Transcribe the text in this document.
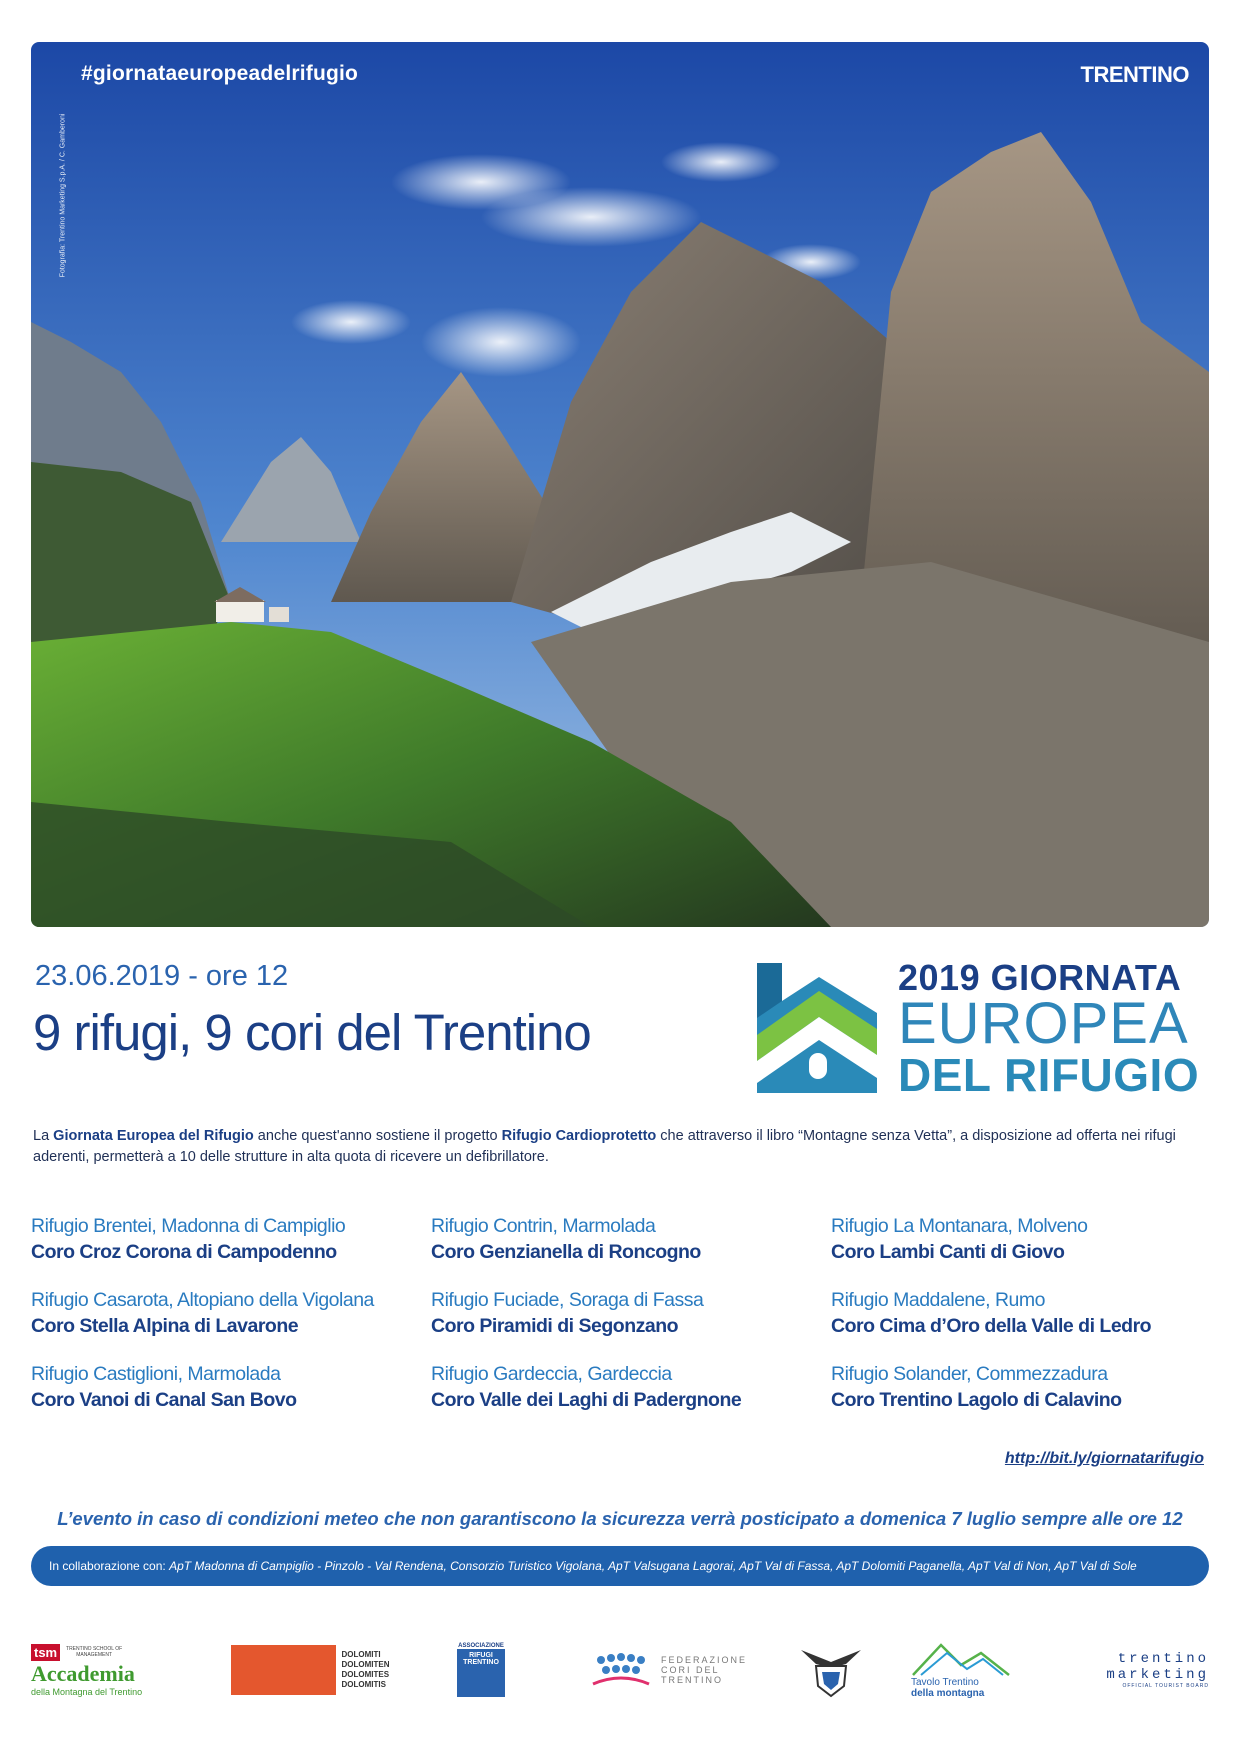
#giornataeuropeadelrifugio	TRENTINO
Fotografia: Trentino Marketing S.p.A. / C. Gamberoni
23.06.2019 - ore 12
9 rifugi, 9 cori del Trentino
2019 GIORNATA
EUROPEA
DEL RIFUGIO
La Giornata Europea del Rifugio anche quest'anno sostiene il progetto Rifugio Cardioprotetto che attraverso il libro “Montagne senza Vetta”, a disposizione ad offerta nei rifugi aderenti, permetterà a 10 delle strutture in alta quota di ricevere un defibrillatore.
Rifugio Brentei, Madonna di Campiglio
Coro Croz Corona di Campodenno
Rifugio Contrin, Marmolada
Coro Genzianella di Roncogno
Rifugio La Montanara, Molveno
Coro Lambi Canti di Giovo
Rifugio Casarota, Altopiano della Vigolana
Coro Stella Alpina di Lavarone
Rifugio Fuciade, Soraga di Fassa
Coro Piramidi di Segonzano
Rifugio Maddalene, Rumo
Coro Cima d’Oro della Valle di Ledro
Rifugio Castiglioni, Marmolada
Coro Vanoi di Canal San Bovo
Rifugio Gardeccia, Gardeccia
Coro Valle dei Laghi di Padergnone
Rifugio Solander, Commezzadura
Coro Trentino Lagolo di Calavino
http://bit.ly/giornatarifugio
L’evento in caso di condizioni meteo che non garantiscono la sicurezza verrà posticipato a domenica 7 luglio sempre alle ore 12
In collaborazione con: ApT Madonna di Campiglio - Pinzolo - Val Rendena, Consorzio Turistico Vigolana, ApT Valsugana Lagorai, ApT Val di Fassa, ApT Dolomiti Paganella, ApT Val di Non, ApT Val di Sole
tsm	TRENTINO SCHOOL OF MANAGEMENT
Accademia
della Montagna del Trentino
DOLOMITI DOLOMITEN DOLOMITES DOLOMITIS
ASSOCIAZIONE
RIFUGI TRENTINO	FEDERAZIONE CORI DEL TRENTINO	Tavolo Trentino
della montagna
trentino
marketing
OFFICIAL TOURIST BOARD
